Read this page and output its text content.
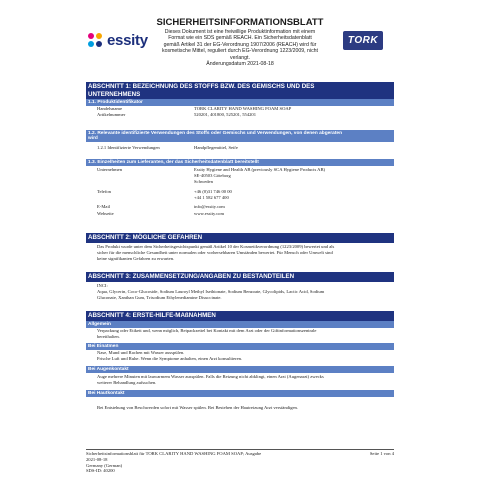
essity
SICHERHEITSINFORMATIONSBLATT
Dieses Dokument ist eine freiwillige Produktinformation mit einem
Format wie ein SDS gemäß REACH. Ein Sicherheitsdatenblatt
gemäß Artikel 31 der EG-Verordnung 1907/2006 (REACH) wird für
kosmetische Mittel, reguliert durch EG-Verordnung 1223/2009, nicht
verlangt.
Änderungsdatum 2021-08-18
TORK
ABSCHNITT 1: BEZEICHNUNG DES STOFFS BZW. DES GEMISCHS UND DES
UNTERNEHMENS
1.1. Produktidentifikator
Handelsname	TORK CLARITY HAND WASHING FOAM SOAP
Artikelnummer	520201, 401800, 525201, 554201
1.2. Relevante identifizierte Verwendungen des Stoffs oder Gemischs und Verwendungen, von denen abgeraten
wird
1.2.1 Identifizierte Verwendungen	Handpflegemittel, Seife
1.3. Einzelheiten zum Lieferanten, der das Sicherheitsdatenblatt bereitstellt
Unternehmen	Essity Hygiene and Health AB (previously SCA Hygiene Products AB)
SE-40503 Göteborg
Schweden
Telefon	+46 (0)31 746 00 00
+44 1 582 677 400
E-Mail	info@essity.com
Webseite	www.essity.com
ABSCHNITT 2: MÖGLICHE GEFAHREN
Das Produkt wurde unter dem Sicherheitsgesichtspunkt gemäß Artikel 10 der Kosmetikverordnung (1223/2009) bewertet und als
sicher für die menschliche Gesundheit unter normalen oder vorhersehbaren Umständen bewertet. Für Mensch oder Umwelt sind
keine signifikanten Gefahren zu erwarten.
ABSCHNITT 3: ZUSAMMENSETZUNG/ANGABEN ZU BESTANDTEILEN
INCI:
Aqua, Glycerin, Coco-Glucoside, Sodium Lauroyl Methyl Isethionate, Sodium Benzoate, Glycolipids, Lactic Acid, Sodium
Gluconate, Xanthan Gum, Trisodium Ethylenediamine Disuccinate.
ABSCHNITT 4: ERSTE-HILFE-MAßNAHMEN
Allgemein
Verpackung oder Etikett und, wenn möglich, Beipackzettel bei Kontakt mit dem Arzt oder der Giftinformationszentrale
bereithalten.
Bei Einatmen
Nase, Mund und Rachen mit Wasser ausspülen.
Frische Luft und Ruhe. Wenn die Symptome anhalten, einen Arzt konsultieren.
Bei Augenkontakt
Auge mehrere Minuten mit lauwarmem Wasser ausspülen. Falls die Reizung nicht abklingt, einen Arzt (Augenarzt) zwecks
weiterer Behandlung aufsuchen.
Bei Hautkontakt
Bei Entstehung von Beschwerden sofort mit Wasser spülen. Bei Bestehen der Hautreizung Arzt verständigen.
Sicherheitsinformationsblatt für TORK CLARITY HAND WASHING FOAM SOAP; Ausgabe
2021-08-18
Germany (German)
SDS-ID: 40200
Seite 1 von 4
